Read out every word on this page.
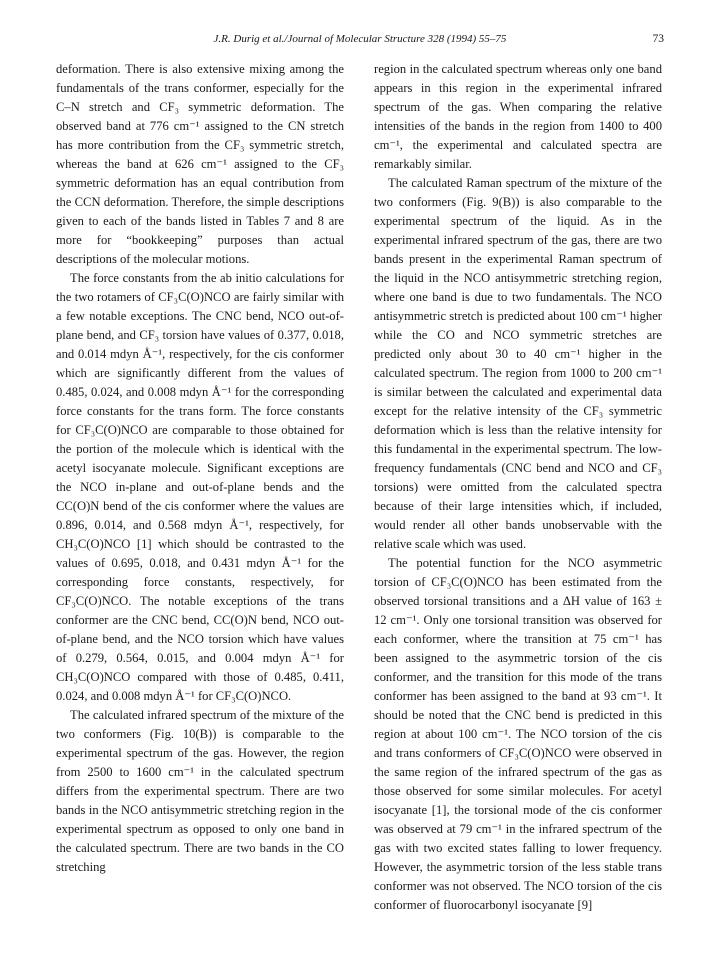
J.R. Durig et al./Journal of Molecular Structure 328 (1994) 55–75	73

deformation. There is also extensive mixing among the fundamentals of the trans conformer, especially for the C–N stretch and CF₃ symmetric deformation. The observed band at 776 cm⁻¹ assigned to the CN stretch has more contribution from the CF₃ symmetric stretch, whereas the band at 626 cm⁻¹ assigned to the CF₃ symmetric deformation has an equal contribution from the CCN deformation. Therefore, the simple descriptions given to each of the bands listed in Tables 7 and 8 are more for “bookkeeping” purposes than actual descriptions of the molecular motions.

The force constants from the ab initio calculations for the two rotamers of CF₃C(O)NCO are fairly similar with a few notable exceptions. The CNC bend, NCO out-of-plane bend, and CF₃ torsion have values of 0.377, 0.018, and 0.014 mdyn Å⁻¹, respectively, for the cis conformer which are significantly different from the values of 0.485, 0.024, and 0.008 mdyn Å⁻¹ for the corresponding force constants for the trans form. The force constants for CF₃C(O)NCO are comparable to those obtained for the portion of the molecule which is identical with the acetyl isocyanate molecule. Significant exceptions are the NCO in-plane and out-of-plane bends and the CC(O)N bend of the cis conformer where the values are 0.896, 0.014, and 0.568 mdyn Å⁻¹, respectively, for CH₃C(O)NCO [1] which should be contrasted to the values of 0.695, 0.018, and 0.431 mdyn Å⁻¹ for the corresponding force constants, respectively, for CF₃C(O)NCO. The notable exceptions of the trans conformer are the CNC bend, CC(O)N bend, NCO out-of-plane bend, and the NCO torsion which have values of 0.279, 0.564, 0.015, and 0.004 mdyn Å⁻¹ for CH₃C(O)NCO compared with those of 0.485, 0.411, 0.024, and 0.008 mdyn Å⁻¹ for CF₃C(O)NCO.

The calculated infrared spectrum of the mixture of the two conformers (Fig. 10(B)) is comparable to the experimental spectrum of the gas. However, the region from 2500 to 1600 cm⁻¹ in the calculated spectrum differs from the experimental spectrum. There are two bands in the NCO antisymmetric stretching region in the experimental spectrum as opposed to only one band in the calculated spectrum. There are two bands in the CO stretching

region in the calculated spectrum whereas only one band appears in this region in the experimental infrared spectrum of the gas. When comparing the relative intensities of the bands in the region from 1400 to 400 cm⁻¹, the experimental and calculated spectra are remarkably similar.

The calculated Raman spectrum of the mixture of the two conformers (Fig. 9(B)) is also comparable to the experimental spectrum of the liquid. As in the experimental infrared spectrum of the gas, there are two bands present in the experimental Raman spectrum of the liquid in the NCO antisymmetric stretching region, where one band is due to two fundamentals. The NCO antisymmetric stretch is predicted about 100 cm⁻¹ higher while the CO and NCO symmetric stretches are predicted only about 30 to 40 cm⁻¹ higher in the calculated spectrum. The region from 1000 to 200 cm⁻¹ is similar between the calculated and experimental data except for the relative intensity of the CF₃ symmetric deformation which is less than the relative intensity for this fundamental in the experimental spectrum. The low-frequency fundamentals (CNC bend and NCO and CF₃ torsions) were omitted from the calculated spectra because of their large intensities which, if included, would render all other bands unobservable with the relative scale which was used.

The potential function for the NCO asymmetric torsion of CF₃C(O)NCO has been estimated from the observed torsional transitions and a ΔH value of 163 ± 12 cm⁻¹. Only one torsional transition was observed for each conformer, where the transition at 75 cm⁻¹ has been assigned to the asymmetric torsion of the cis conformer, and the transition for this mode of the trans conformer has been assigned to the band at 93 cm⁻¹. It should be noted that the CNC bend is predicted in this region at about 100 cm⁻¹. The NCO torsion of the cis and trans conformers of CF₃C(O)NCO were observed in the same region of the infrared spectrum of the gas as those observed for some similar molecules. For acetyl isocyanate [1], the torsional mode of the cis conformer was observed at 79 cm⁻¹ in the infrared spectrum of the gas with two excited states falling to lower frequency. However, the asymmetric torsion of the less stable trans conformer was not observed. The NCO torsion of the cis conformer of fluorocarbonyl isocyanate [9]
